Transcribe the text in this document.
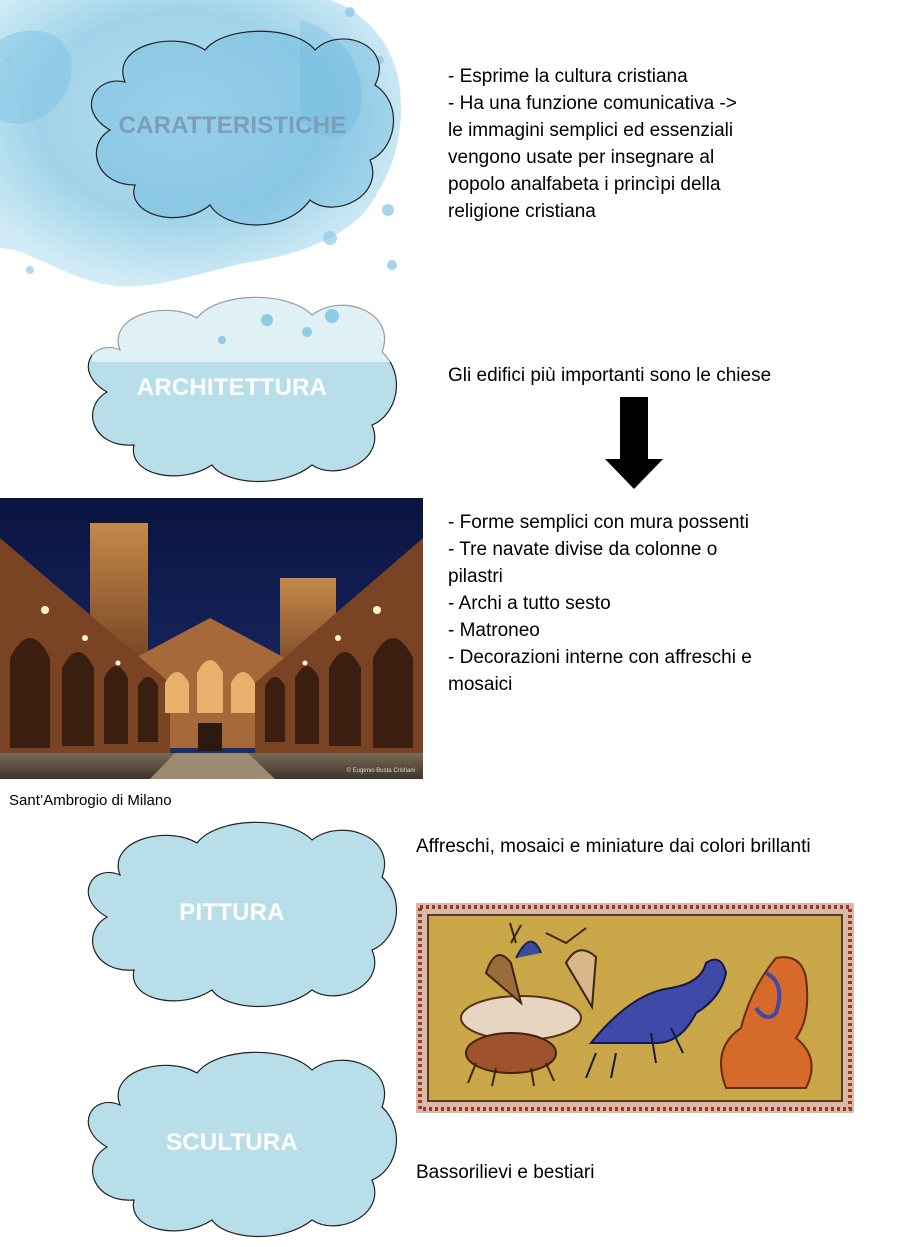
CARATTERISTICHE
- Esprime la cultura cristiana
- Ha una funzione comunicativa ->
le immagini semplici ed essenziali
vengono usate per insegnare al
popolo analfabeta i princìpi della
religione cristiana
ARCHITETTURA	Gli edifici più importanti sono le chiese
© Eugenio Busta Cristiani
Sant’Ambrogio di Milano
- Forme semplici con mura possenti
- Tre navate divise da colonne o
pilastri
- Archi a tutto sesto
- Matroneo
- Decorazioni interne con affreschi e
mosaici
PITTURA
Affreschi, mosaici e miniature dai colori brillanti
SCULTURA
Bassorilievi e bestiari
